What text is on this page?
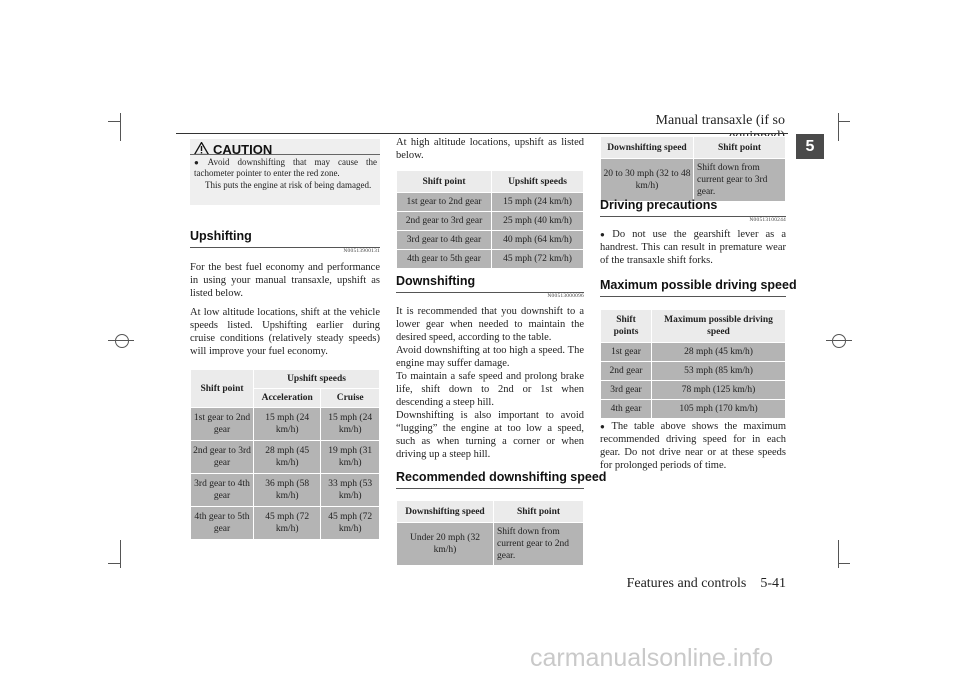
Manual transaxle (if so
5
CAUTION
● Avoid downshifting that may cause the tachometer pointer to enter the red zone.
This puts the engine at risk of being damaged.
Upshifting
N00513900131

For the best fuel economy and performance in using your manual transaxle, upshift as listed below.

At low altitude locations, shift at the vehicle speeds listed. Upshifting earlier during cruise conditions (relatively steady speeds) will improve your fuel economy.

Shift point	Upshift speeds	
	Acceleration	Cruise
1st gear to 2nd gear	15 mph (24 km/h)	15 mph (24 km/h)
2nd gear to 3rd gear	28 mph (45 km/h)	19 mph (31 km/h)
3rd gear to 4th gear	36 mph (58 km/h)	33 mph (53 km/h)
4th gear to 5th gear	45 mph (72 km/h)	45 mph (72 km/h)

At high altitude locations, upshift as listed below.

Shift point	Upshift speeds
1st gear to 2nd gear	15 mph (24 km/h)
2nd gear to 3rd gear	25 mph (40 km/h)
3rd gear to 4th gear	40 mph (64 km/h)
4th gear to 5th gear	45 mph (72 km/h)
Downshifting
N00513000096

It is recommended that you downshift to a lower gear when needed to maintain the desired speed, according to the table.

Avoid downshifting at too high a speed. The engine may suffer damage.

To maintain a safe speed and prolong brake life, shift down to 2nd or 1st when descending a steep hill.

Downshifting is also important to avoid “lugging” the engine at too low a speed, such as when turning a corner or when driving up a steep hill.

Recommended downshifting speed
Downshifting speed	Shift point
Under 20 mph (32 km/h)	Shift down from current gear to 2nd gear.
Downshifting speed	Shift point
20 to 30 mph (32 to 48 km/h)	Shift down from current gear to 3rd gear.
Driving precautions
N00513100244
● Do not use the gearshift lever as a handrest. This can result in premature wear of the transaxle shift forks.
Maximum possible driving speed
Shift points	Maximum possible driving speed
1st gear	28 mph (45 km/h)
2nd gear	53 mph (85 km/h)
3rd gear	78 mph (125 km/h)
4th gear	105 mph (170 km/h)
● The table above shows the maximum recommended driving speed for in each gear. Do not drive near or at these speeds for prolonged periods of time.
Features and controls 5-41
carmanualsonline.info
